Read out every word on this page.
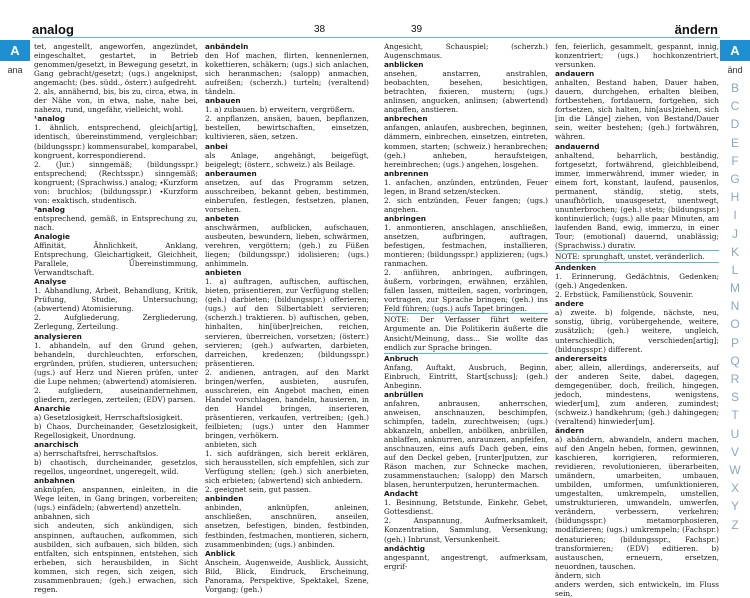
analog	38	39	ändern
A
ana
A
änd
B
C
D
E
F
G
H
I
J
K
L
M
N
O
P
Q
R
S
T
U
V
W
X
Y
Z

tet, angestellt, angeworfen, angezündet, eingeschaltet, gestartet, in Betrieb genommen/gesetzt, in Bewegung gesetzt, in Gang gebracht/gesetzt; (ugs.) angeknipst, angemacht; (bes. südd., österr.) aufgedreht.

2. als, annähernd, bis, bis zu, circa, etwa, in der Nähe von, in etwa, nahe, nahe bei, nahezu, rund, ungefähr, vielleicht, wohl.

¹analog

1. ähnlich, entsprechend, gleich[artig], identisch, übereinstimmend, vergleichbar; (bildungsspr.) kommensurabel, komparabel, kongruent, korrespondierend.

2. (Jur.) sinngemäß; (bildungsspr.) entsprechend; (Rechtsspr.) sinngemäß; kongruent; (Sprachwiss.) analog; ∙Kurzform von: bruchlos; (bildungsspr.) ∙Kurzform von: exaktisch, studentisch.

²analog

entsprechend, gemäß, in Entsprechung zu, nach.

Analogie

Affinität, Ähnlichkeit, Anklang, Entsprechung, Gleichartigkeit, Gleichheit, Parallele, Übereinstimmung, Verwandtschaft.

Analyse

1. Abhandlung, Arbeit, Behandlung, Kritik, Prüfung, Studie, Untersuchung; (abwertend) Atomisierung.

2. Aufgliederung, Zergliederung, Zerlegung, Zerteilung.

analysieren

1. abhandeln, auf den Grund gehen, behandeln, durchleuchten, erforschen, ergründen, prüfen, studieren, untersuchen; (ugs.) auf Herz und Nieren prüfen, unter die Lupe nehmen; (abwertend) atomisieren.

2. aufgliedern, auseinandernehmen, gliedern, zerlegen, zerteilen; (EDV) parsen.

Anarchie

a) Gesetzlosigkeit, Herrschaftslosigkeit.

b) Chaos, Durcheinander, Gesetzlosigkeit, Regellosigkeit, Unordnung.

anarchisch

a) herrschaftsfrei, herrschaftslos.

b) chaotisch, durcheinander, gesetzlos, regellos, ungeordnet, ungeregelt, wild.

anbahnen

anknüpfen, anspannen, einleiten, in die Wege leiten, in Gang bringen, vorbereiten; (ugs.) einfädeln; (abwertend) anzetteln.

anbahnen, sich

sich andeuten, sich ankündigen, sich anspinnen, auftauchen, aufkommen, sich ausbilden, sich aufbauen, sich bilden, sich entfalten, sich entspinnen, entstehen, sich erheben, sich herausbilden, in Sicht kommen, sich regen, sich zeigen, sich zusammenbrauen; (geh.) erwachen, sich regen.

anbändeln

den Hof machen, flirten, kennenlernen, kokettieren, schäkern; (ugs.) sich anlachen, sich heranmachen; (salopp) anmachen, aufreißen; (scherzh.) turteln; (veraltend) tändeln.

anbauen

1. a) zubauen. b) erweitern, vergrößern.

2. anpflanzen, ansäen, bauen, bepflanzen, bestellen, bewirtschaften, einsetzen, kultivieren, säen, setzen.

anbei

als Anlage, angehängt, beigefügt, beigelegt; (österr., schweiz.) als Beilage.

anberaumen

ansetzen, auf das Programm setzen, ausschreiben, bekannt geben, bestimmen, einberufen, festlegen, festsetzen, planen, vorsehen.

anbeten

anschwärmen, aufblicken, aufschauen, ausbeuten, bewundern, lieben, schwärmen, verehren, vergöttern; (geh.) zu Füßen liegen; (bildungsspr.) idolisieren; (ugs.) anhimmeln.

anbieten

1. a) auftragen, auftischen, auftischen, bieten, präsentieren, zur Verfügung stellen; (geh.) darbieten; (bildungsspr.) offerieren; (ugs.) auf den Silbertablett servieren; (scherzh.) traktieren. b) auftischen, geben, hinhalten, hin[über]reichen, reichen, servieren, überreichen, vorsetzen; (österr.) servieren; (geh.) aufwarten, darbieten, darreichen, kredenzen; (bildungsspr.) präsentieren.

2. andienen, antragen, auf den Markt bringen/werfen, ausbieten, ausrufen, ausschreien, ein Angebot machen, einen Handel vorschlagen, handeln, hausieren, in den Handel bringen, inserieren, präsentieren, verkaufen, vertreiben; (geh.) feilbieten; (ugs.) unter den Hammer bringen, verhökern.

anbieten, sich

1. sich aufdrängen, sich bereit erklären, sich herausstellen, sich empfehlen, sich zur Verfügung stellen; (geh.) sich anerbieten, sich erbieten; (abwertend) sich anbiedern.

2. geeignet sein, gut passen.

anbinden

anbinden, anknüpfen, anleinen, anschließen, anschnüren, anseilen, ansetzen, befestigen, binden, festbinden, festbinden, festmachen, montieren, sichern, zusammenbinden; (ugs.) anbinden.

Anblick

Anschein, Augenweide, Ausblick, Aussicht, Bild, Blick, Eindruck, Erscheinung, Panorama, Perspektive, Spektakel, Szene, Vorgang; (geh.)

Angesicht, Schauspiel; (scherzh.) Augenschmaus.

anblicken

ansehen, anstarren, anstrahlen, beobachten, besehen, besichtigen, betrachten, fixieren, mustern; (ugs.) anlinsen, angucken, anlinsen; (abwertend) angaffen, anstieren.

anbrechen

anfangen, anlaufen, ausbrechen, beginnen, dämmern, einbrechen, einsetzen, eintreten, kommen, starten; (schweiz.) heranbrechen; (geh.) anheben, heraufsteigen, hereinbrechen; (ugs.) angehen, losgehen.

anbrennen

1. anfachen, anzünden, entzünden, Feuer legen, in Brand setzen/stecken.

2. sich entzünden, Feuer fangen; (ugs.) angehen.

anbringen

1. anmontieren, anschlagen, anschließen, ansetzen, aufbringen, auftragen, befestigen, festmachen, installieren, montieren; (bildungsspr.) applizieren; (ugs.) ranmachen.

2. anführen, anbringen, aufbringen, äußern, vorbringen, erwähnen, erzählen, fallen lassen, mitteilen, sagen, vorbringen, vortragen, zur Sprache bringen; (geh.) ins Feld führen; (ugs.) aufs Tapet bringen.

NOTE: Der Verfasser führt weitere Argumente an. Die Politikerin äußerte die Ansicht/Meinung, dass... Sie wollte das endlich zur Sprache bringen.

Anbruch

Anfang, Auftakt, Ausbruch, Beginn, Einbruch, Eintritt, Start[schuss]; (geh.) Anbeginn.

anbrüllen

anfahren, anbrausen, anherrschen, anweisen, anschnauzen, beschimpfen, schimpfen, tadeln, zurechtweisen; (ugs.) abkanzeln, anbellen, anbölken, anbrüllen, anblaffen, anknurren, anraunzen, anpfeifen, anschnauzen, eins aufs Dach geben, eins auf den Deckel geben, [runter]putzen, zur Räson machen, zur Schnecke machen, zusammenstauchen; (salopp) den Marsch blasen, herunterputzen, heruntermachen.

Andacht

1. Besinnung, Betstunde, Einkehr, Gebet, Gottesdienst.

2. Anspannung, Aufmerksamkeit, Konzentration, Sammlung, Versenkung; (geh.) Inbrunst, Versunkenheit.

andächtig

angespannt, angestrengt, aufmerksam, ergrif-

fen, feierlich, gesammelt, gespannt, innig, konzentriert; (ugs.) hochkonzentriert, versunken.

andauern

anhalten, Bestand haben, Dauer haben, dauern, durchgehen, erhalten bleiben, fortbestehen, fortdauern, fortgehen, sich fortsetzen, sich halten, hin[aus]ziehen, sich [in die Länge] ziehen, von Bestand/Dauer sein, weiter bestehen; (geh.) fortwähren, währen.

andauernd

anhaltend, beharrlich, beständig, fortgesetzt, fortwährend, gleichbleibend, immer, immerwährend, immer wieder, in einem fort, konstant, laufend, pausenlos, permanent, ständig, stetig, stets, unaufhörlich, unausgesetzt, unentwegt, ununterbrochen; (geh.) stets; (bildungsspr.) kontinuierlich; (ugs.) alle paar Minuten, am laufenden Band, ewig, immerzu, in einer Tour; (emotional) dauernd, unablässig; (Sprachwiss.) durativ.

NOTE: sprunghaft, unstet, veränderlich.

Andenken

1. Erinnerung, Gedächtnis, Gedenken; (geh.) Angedenken.

2. Erbstück, Familienstück, Souvenir.

andere

a) zweite. b) folgende, nächste, neu, sonstig, übrig, vorübergehende, weitere, zusätzlich; (geh.) weitere, ungleich, unterschiedlich, verschieden[artig]; (bildungsspr.) different.

andererseits

aber, allein, allerdings, andererseits, auf der anderen Seite, dabei, dagegen, demgegenüber, doch, freilich, hingegen, jedoch, mindestens, wenigstens, wieder[um], zum anderen, zumindest; (schweiz.) handkehrum; (geh.) dahingegen; (veraltend) hinwieder[um].

ändern

a) abändern, abwandeln, andern machen, auf den Angeln heben, formen, gewinnen, kaschieren, korrigieren, reformieren, revidieren, revolutionieren, überarbeiten, umändern, umarbeiten, umbauen, umbilden, umformen, umfunktionieren, umgestalten, umkrempeln, umstellen, umstrukturieren, umwandeln, umwerfen, verändern, verbessern, verkehren; (bildungsspr.) metamorphosieren, modifizieren; (ugs.) umkrempeln; (Fachspr.) denaturieren; (bildungsspr., Fachspr.) transformieren; (EDV) editieren. b) austauschen, erneuern, ersetzen, neuordnen, tauschen.

ändern, sich

anders werden, sich entwickeln, im Fluss sein,
